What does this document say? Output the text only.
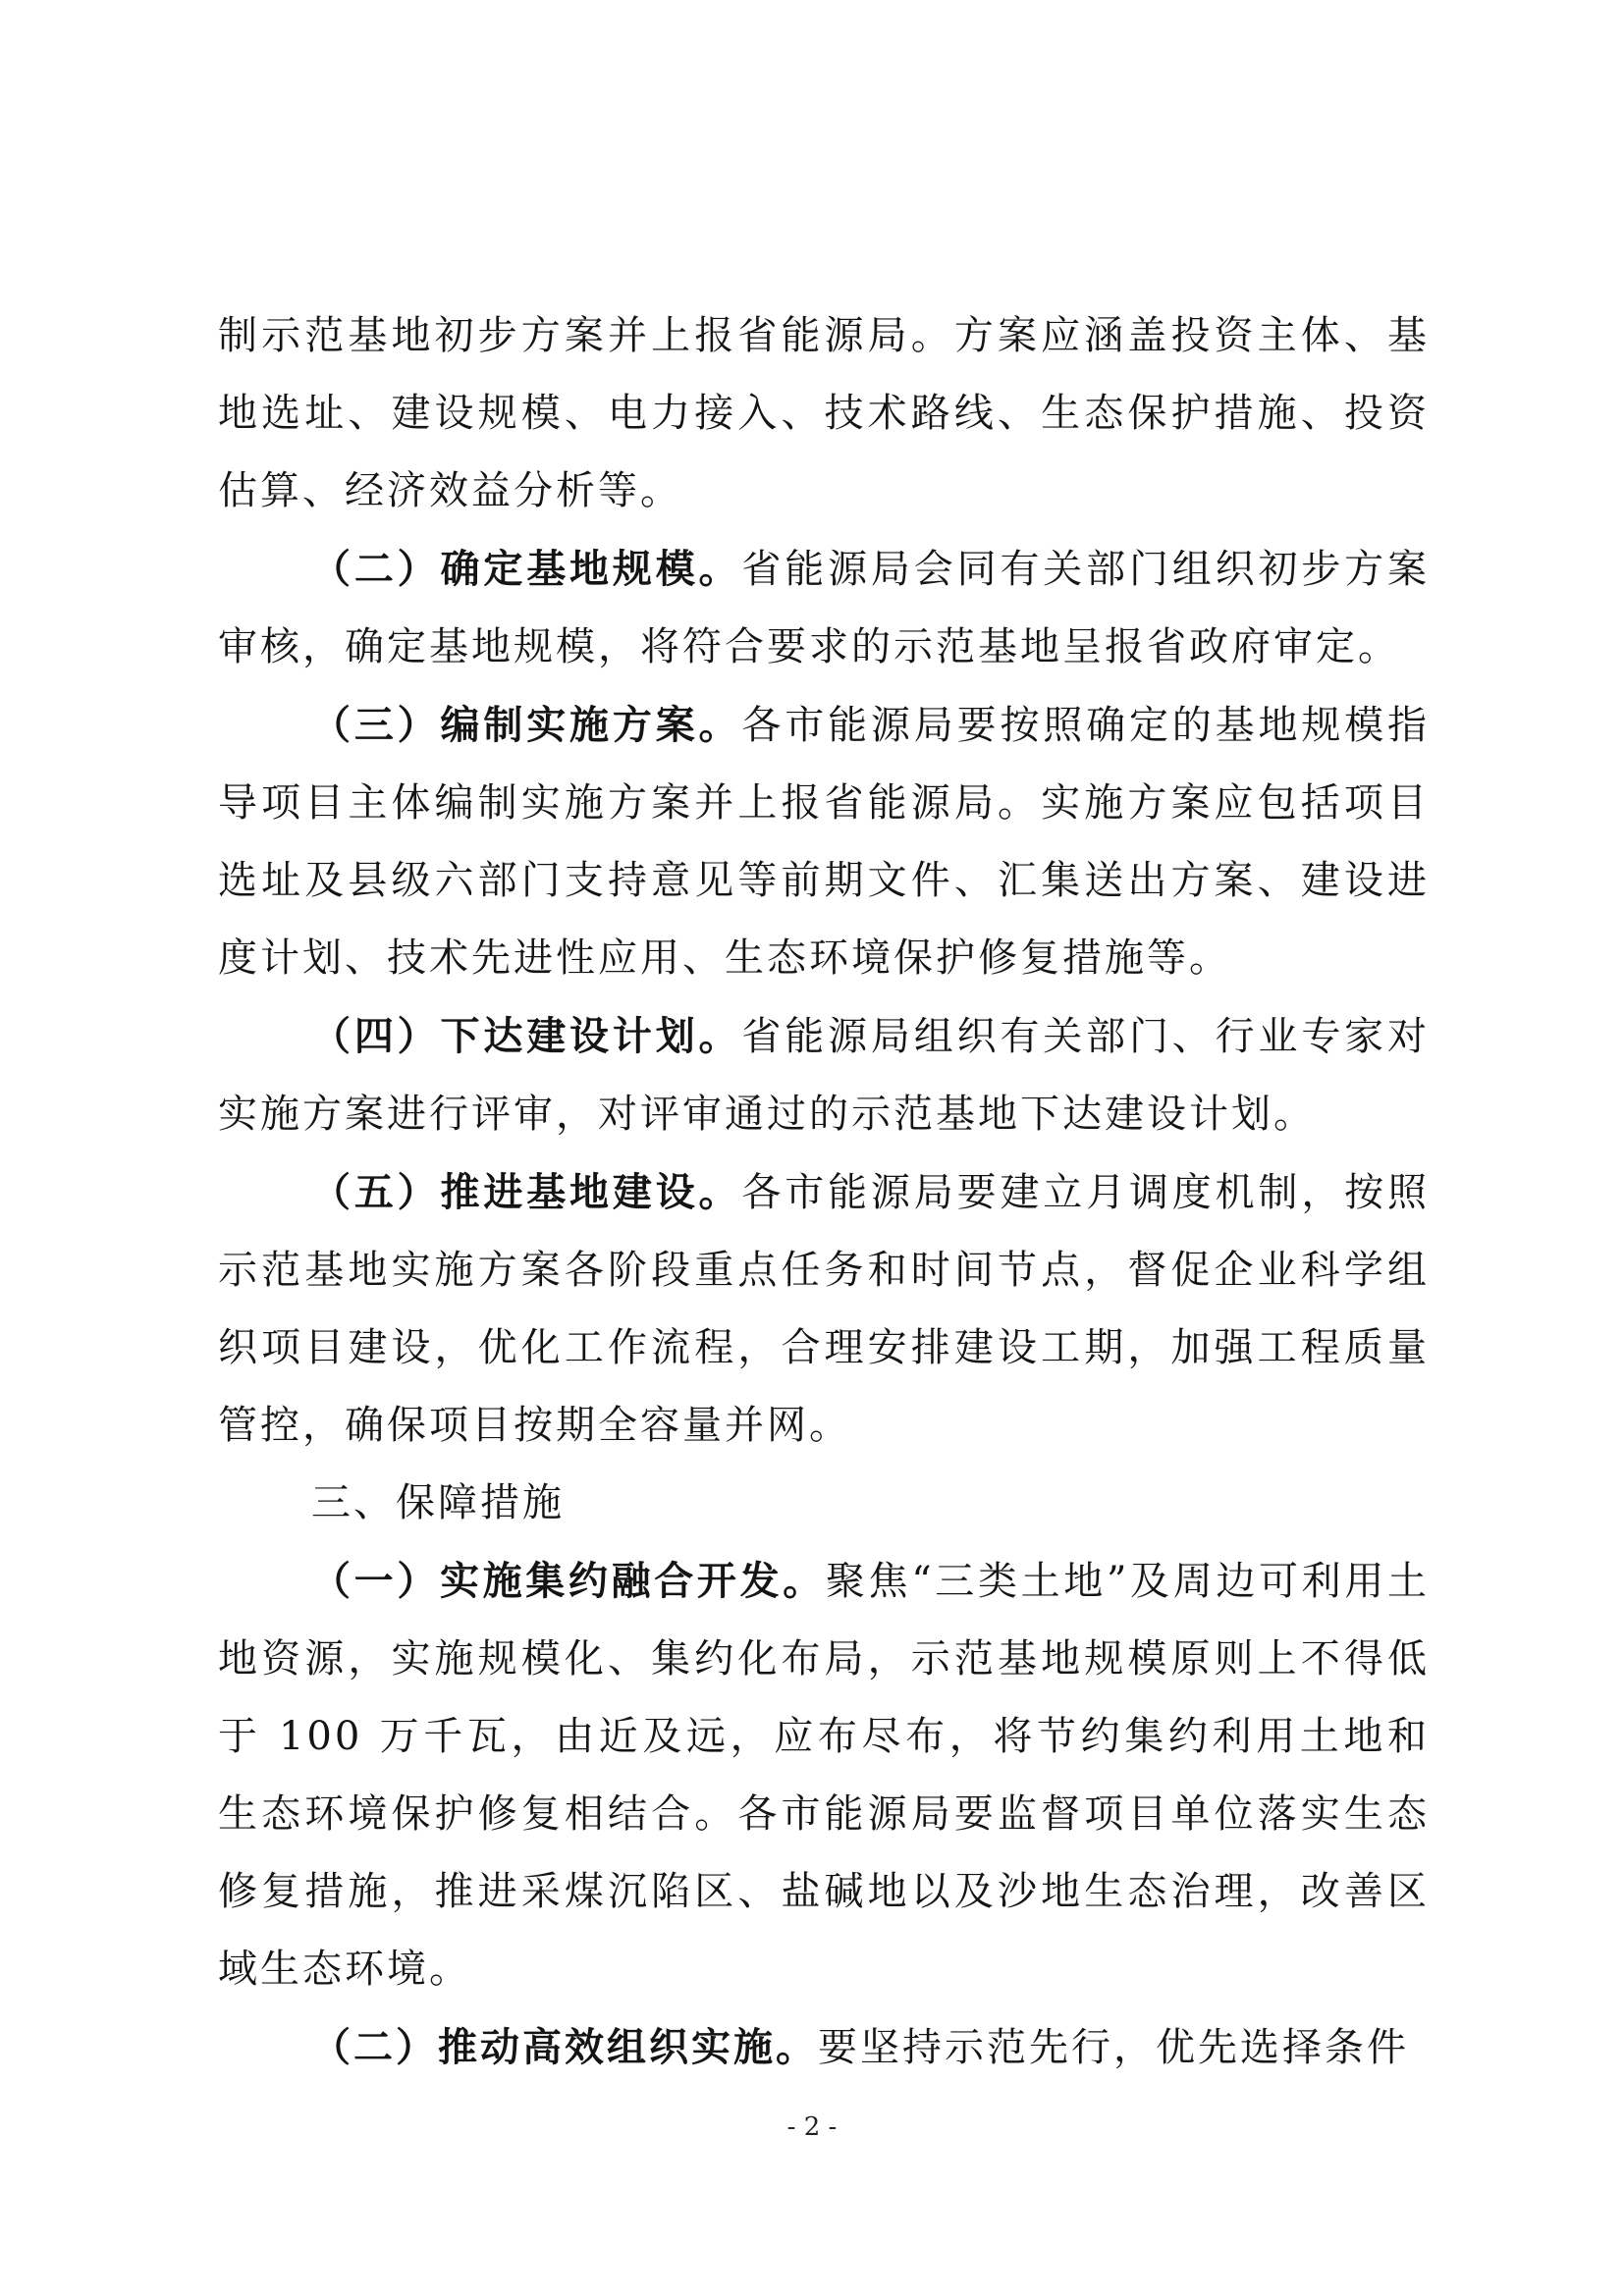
制示范基地初步方案并上报省能源局。方案应涵盖投资主体、基地选址、建设规模、电力接入、技术路线、生态保护措施、投资估算、经济效益分析等。

（二）确定基地规模。省能源局会同有关部门组织初步方案审核，确定基地规模，将符合要求的示范基地呈报省政府审定。

（三）编制实施方案。各市能源局要按照确定的基地规模指导项目主体编制实施方案并上报省能源局。实施方案应包括项目选址及县级六部门支持意见等前期文件、汇集送出方案、建设进度计划、技术先进性应用、生态环境保护修复措施等。

（四）下达建设计划。省能源局组织有关部门、行业专家对实施方案进行评审，对评审通过的示范基地下达建设计划。

（五）推进基地建设。各市能源局要建立月调度机制，按照示范基地实施方案各阶段重点任务和时间节点，督促企业科学组织项目建设，优化工作流程，合理安排建设工期，加强工程质量管控，确保项目按期全容量并网。

三、保障措施

（一）实施集约融合开发。聚焦“三类土地”及周边可利用土地资源，实施规模化、集约化布局，示范基地规模原则上不得低于 100 万千瓦，由近及远，应布尽布，将节约集约利用土地和生态环境保护修复相结合。各市能源局要监督项目单位落实生态修复措施，推进采煤沉陷区、盐碱地以及沙地生态治理，改善区域生态环境。

（二）推动高效组织实施。要坚持示范先行，优先选择条件

- 2 -
